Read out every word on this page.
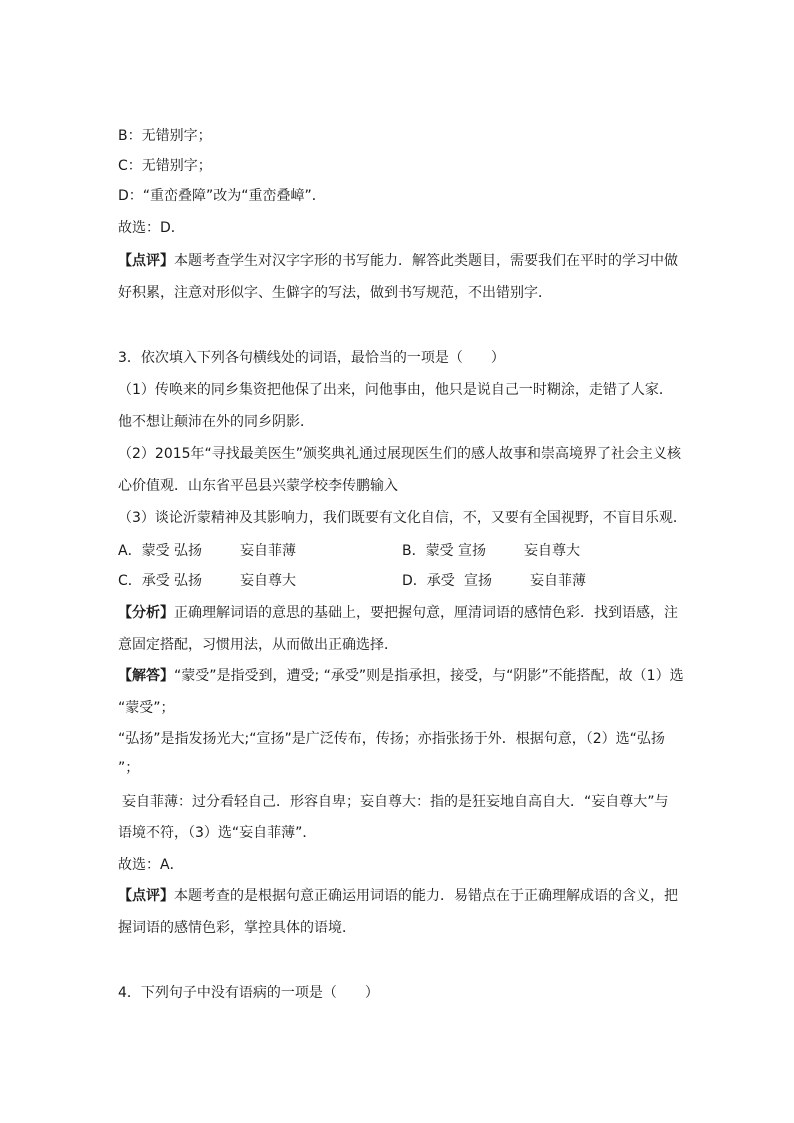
B：无错别字；
C：无错别字；
D：“重峦叠障”改为“重峦叠嶂”．
故选：D．
【点评】本题考查学生对汉字字形的书写能力．解答此类题目，需要我们在平时的学习中做
好积累，注意对形似字、生僻字的写法，做到书写规范，不出错别字．
3．依次填入下列各句横线处的词语，最恰当的一项是（　　）
（1）传唤来的同乡集资把他保了出来，问他事由，他只是说自己一时糊涂，走错了人家．
他不想让颠沛在外的同乡阴影．
（2）2015年“寻找最美医生”颁奖典礼通过展现医生们的感人故事和崇高境界了社会主义核
心价值观．山东省平邑县兴蒙学校李传鹏输入
（3）谈论沂蒙精神及其影响力，我们既要有文化自信，不，又要有全国视野，不盲目乐观．
A．蒙受 弘扬	妄自菲薄	B．蒙受 宣扬	妄自尊大
C．承受 弘扬	妄自尊大	D．承受 宣扬	妄自菲薄
【分析】正确理解词语的意思的基础上，要把握句意，厘清词语的感情色彩．找到语感，注
意固定搭配，习惯用法，从而做出正确选择．
【解答】“蒙受”是指受到，遭受; “承受”则是指承担，接受，与“阴影”不能搭配，故（1）选
“蒙受”；
“弘扬”是指发扬光大;“宣扬”是广泛传布，传扬；亦指张扬于外．根据句意，（2）选“弘扬
”；
妄自菲薄：过分看轻自己．形容自卑；妄自尊大：指的是狂妄地自高自大．“妄自尊大”与
语境不符，（3）选“妄自菲薄”．
故选：A．
【点评】本题考查的是根据句意正确运用词语的能力．易错点在于正确理解成语的含义，把
握词语的感情色彩，掌控具体的语境．
4．下列句子中没有语病的一项是（　　）
